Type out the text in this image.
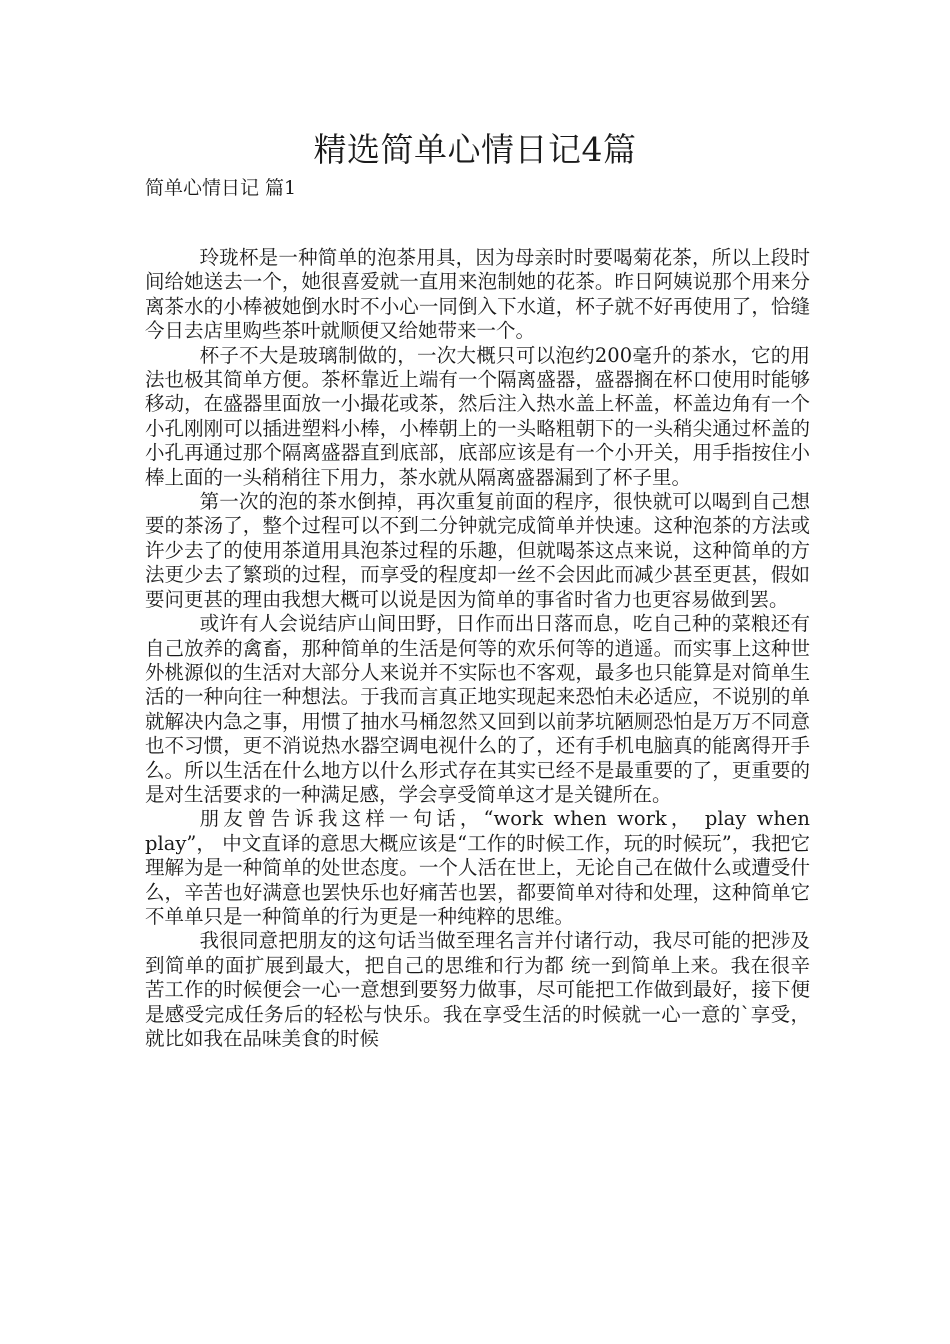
精选简单心情日记4篇
简单心情日记 篇1

玲珑杯是一种简单的泡茶用具，因为母亲时时要喝菊花茶，所以上段时间给她送去一个，她很喜爱就一直用来泡制她的花茶。昨日阿姨说那个用来分离茶水的小棒被她倒水时不小心一同倒入下水道，杯子就不好再使用了，恰缝今日去店里购些茶叶就顺便又给她带来一个。

杯子不大是玻璃制做的，一次大概只可以泡约200毫升的茶水，它的用法也极其简单方便。茶杯靠近上端有一个隔离盛器，盛器搁在杯口使用时能够移动，在盛器里面放一小撮花或茶，然后注入热水盖上杯盖，杯盖边角有一个小孔刚刚可以插进塑料小棒，小棒朝上的一头略粗朝下的一头稍尖通过杯盖的小孔再通过那个隔离盛器直到底部，底部应该是有一个小开关，用手指按住小棒上面的一头稍稍往下用力，茶水就从隔离盛器漏到了杯子里。

第一次的泡的茶水倒掉，再次重复前面的程序，很快就可以喝到自己想要的茶汤了，整个过程可以不到二分钟就完成简单并快速。这种泡茶的方法或许少去了的使用茶道用具泡茶过程的乐趣，但就喝茶这点来说，这种简单的方法更少去了繁琐的过程，而享受的程度却一丝不会因此而减少甚至更甚，假如要问更甚的理由我想大概可以说是因为简单的事省时省力也更容易做到罢。

或许有人会说结庐山间田野，日作而出日落而息，吃自己种的菜粮还有自己放养的禽畜，那种简单的生活是何等的欢乐何等的逍遥。而实事上这种世外桃源似的生活对大部分人来说并不实际也不客观，最多也只能算是对简单生活的一种向往一种想法。于我而言真正地实现起来恐怕未必适应，不说别的单就解决内急之事，用惯了抽水马桶忽然又回到以前茅坑陋厕恐怕是万万不同意也不习惯，更不消说热水器空调电视什么的了，还有手机电脑真的能离得开手么。所以生活在什么地方以什么形式存在其实已经不是最重要的了，更重要的是对生活要求的一种满足感，学会享受简单这才是关键所在。

朋友曾告诉我这样一句话，“work when work， play when play”， 中文直译的意思大概应该是“工作的时候工作，玩的时候玩”，我把它理解为是一种简单的处世态度。一个人活在世上，无论自己在做什么或遭受什么，辛苦也好满意也罢快乐也好痛苦也罢，都要简单对待和处理，这种简单它不单单只是一种简单的行为更是一种纯粹的思维。

我很同意把朋友的这句话当做至理名言并付诸行动，我尽可能的把涉及到简单的面扩展到最大，把自己的思维和行为都 统一到简单上来。我在很辛苦工作的时候便会一心一意想到要努力做事，尽可能把工作做到最好，接下便是感受完成任务后的轻松与快乐。我在享受生活的时候就一心一意的`享受，就比如我在品味美食的时候
